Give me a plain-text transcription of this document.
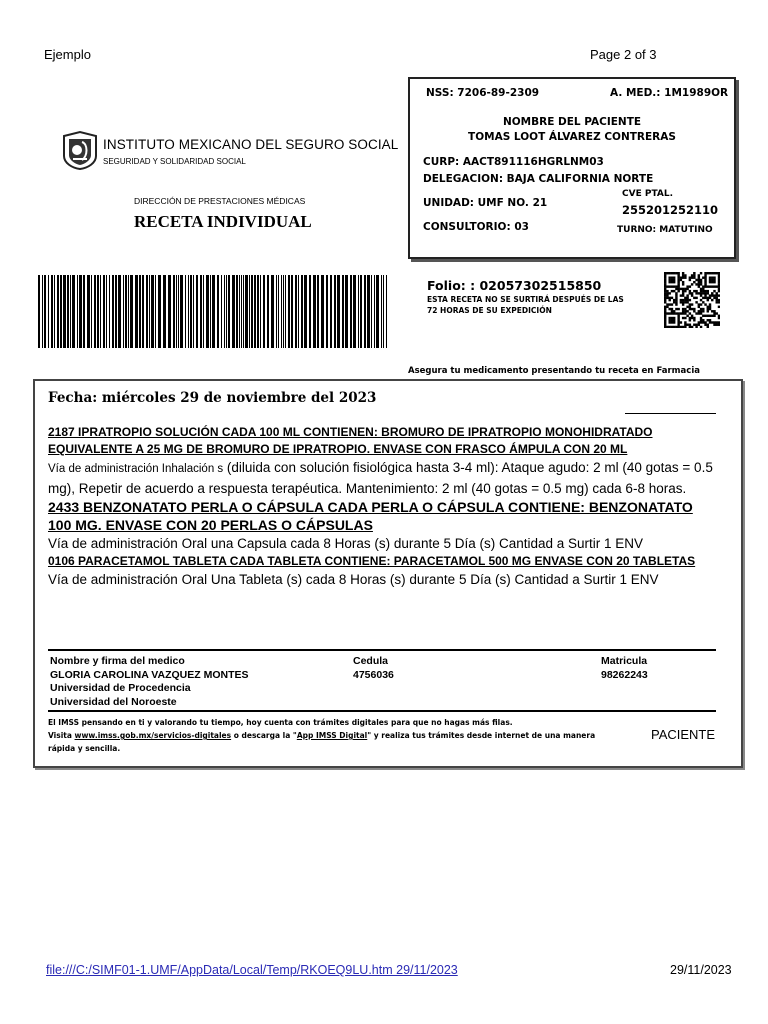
Ejemplo	Page 2 of 3
INSTITUTO MEXICANO DEL SEGURO SOCIAL
SEGURIDAD Y SOLIDARIDAD SOCIAL
DIRECCIÓN DE PRESTACIONES MÉDICAS
RECETA INDIVIDUAL
NSS: 7206-89-2309	A. MED.: 1M1989OR
NOMBRE DEL PACIENTE
TOMAS LOOT ÁLVAREZ CONTRERAS
CURP: AACT891116HGRLNM03
DELEGACION: BAJA CALIFORNIA NORTE
UNIDAD: UMF NO. 21
CVE PTAL.
255201252110
CONSULTORIO: 03	TURNO: MATUTINO
Folio: : 02057302515850
ESTA RECETA NO SE SURTIRÁ DESPUÉS DE LAS
72 HORAS DE SU EXPEDICIÓN
Asegura tu medicamento presentando tu receta en Farmacia
Fecha: miércoles 29 de noviembre del 2023
2187 IPRATROPIO SOLUCIÓN CADA 100 ML CONTIENEN: BROMURO DE IPRATROPIO MONOHIDRATADO EQUIVALENTE A 25 MG DE BROMURO DE IPRATROPIO. ENVASE CON FRASCO ÁMPULA CON 20 ML
Vía de administración Inhalación s (diluida con solución fisiológica hasta 3-4 ml): Ataque agudo: 2 ml (40 gotas = 0.5 mg), Repetir de acuerdo a respuesta terapéutica. Mantenimiento: 2 ml (40 gotas = 0.5 mg) cada 6-8 horas.
2433 BENZONATATO PERLA O CÁPSULA CADA PERLA O CÁPSULA CONTIENE: BENZONATATO 100 MG. ENVASE CON 20 PERLAS O CÁPSULAS
Vía de administración Oral una Capsula cada 8 Horas (s) durante 5 Día (s) Cantidad a Surtir 1 ENV
0106 PARACETAMOL TABLETA CADA TABLETA CONTIENE: PARACETAMOL 500 MG ENVASE CON 20 TABLETAS
Vía de administración Oral Una Tableta (s) cada 8 Horas (s) durante 5 Día (s) Cantidad a Surtir 1 ENV
Nombre y firma del medico
GLORIA CAROLINA VAZQUEZ MONTES
Universidad de Procedencia
Universidad del Noroeste
Cedula
4756036
Matricula
98262243
El IMSS pensando en ti y valorando tu tiempo, hoy cuenta con trámites digitales para que no hagas más filas.
Visita www.imss.gob.mx/servicios-digitales o descarga la "App IMSS Digital" y realiza tus trámites desde internet de una manera
rápida y sencilla.
PACIENTE
file:///C:/SIMF01-1.UMF/AppData/Local/Temp/RKOEQ9LU.htm 29/11/2023	29/11/2023
